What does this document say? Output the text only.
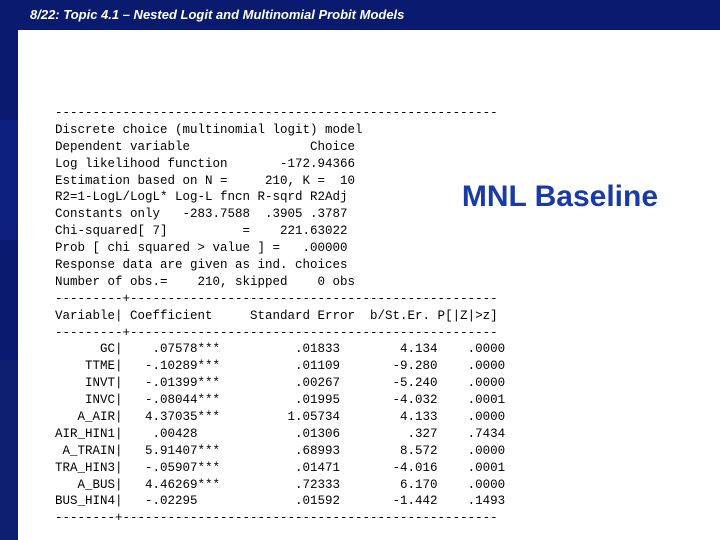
8/22: Topic 4.1 – Nested Logit and Multinomial Probit Models
-----------------------------------------------------------
Discrete choice (multinomial logit) model
Dependent variable                Choice
Log likelihood function       -172.94366
Estimation based on N =     210, K =  10
R2=1-LogL/LogL* Log-L fncn R-sqrd R2Adj
Constants only   -283.7588  .3905 .3787
Chi-squared[ 7]          =    221.63022
Prob [ chi squared > value ] =   .00000
Response data are given as ind. choices
Number of obs.=    210, skipped    0 obs
---------+-------------------------------------------------
Variable| Coefficient     Standard Error  b/St.Er. P[|Z|>z]
---------+-------------------------------------------------
GC|    .07578***          .01833        4.134    .0000
TTME|   -.10289***          .01109       -9.280    .0000
INVT|   -.01399***          .00267       -5.240    .0000
INVC|   -.08044***          .01995       -4.032    .0001
A_AIR|   4.37035***         1.05734        4.133    .0000
AIR_HIN1|    .00428             .01306         .327    .7434
A_TRAIN|   5.91407***          .68993        8.572    .0000
TRA_HIN3|   -.05907***          .01471       -4.016    .0001
A_BUS|   4.46269***          .72333        6.170    .0000
BUS_HIN4|   -.02295             .01592       -1.442    .1493
--------+--------------------------------------------------
MNL Baseline
